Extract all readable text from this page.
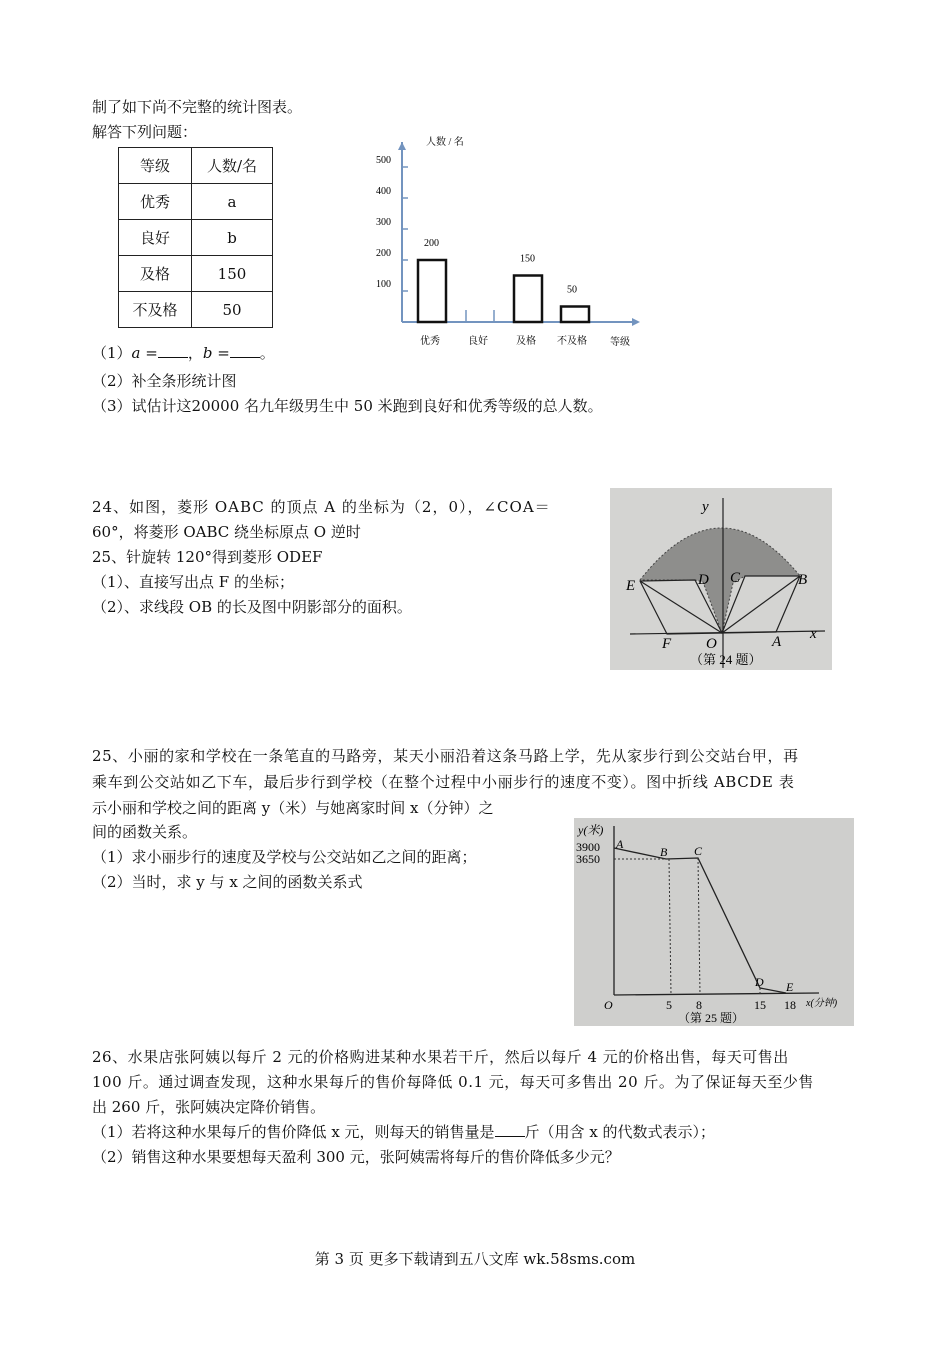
制了如下尚不完整的统计图表。
解答下列问题：
等级	人数/名
优秀	a
良好	b
及格	150
不及格	50
人数 / 名
等级
100
200
300
400
500
200
优秀	良好
150
及格
50
不及格
（1）a = ，b = 。
（2）补全条形统计图
（3）试估计这20000 名九年级男生中 50 米跑到良好和优秀等级的总人数。
24、如图，菱形 OABC 的顶点 A 的坐标为（2，0），∠COA＝
60°，将菱形 OABC 绕坐标原点 O 逆时
25、针旋转 120°得到菱形 ODEF
（1）、直接写出点 F 的坐标；
（2）、求线段 OB 的长及图中阴影部分的面积。
y
x
E	D C	B
F O	A
（第 24 题）
25、小丽的家和学校在一条笔直的马路旁，某天小丽沿着这条马路上学，先从家步行到公交站台甲，再
乘车到公交站如乙下车，最后步行到学校（在整个过程中小丽步行的速度不变）。图中折线 ABCDE 表
示小丽和学校之间的距离 y（米）与她离家时间 x（分钟）之
间的函数关系。
（1）求小丽步行的速度及学校与公交站如乙之间的距离；
（2）当时，求 y 与 x 之间的函数关系式
y(米)
x(分钟)
3900
3650
5 8	15 18
O
A
B C
D E
（第 25 题）
26、水果店张阿姨以每斤 2 元的价格购进某种水果若干斤，然后以每斤 4 元的价格出售，每天可售出
100 斤。通过调查发现，这种水果每斤的售价每降低 0.1 元，每天可多售出 20 斤。为了保证每天至少售
出 260 斤，张阿姨决定降价销售。
（1）若将这种水果每斤的售价降低 x 元，则每天的销售量是 斤（用含 x 的代数式表示）；
（2）销售这种水果要想每天盈利 300 元，张阿姨需将每斤的售价降低多少元？
第 3 页 更多下载请到五八文库 wk.58sms.com
